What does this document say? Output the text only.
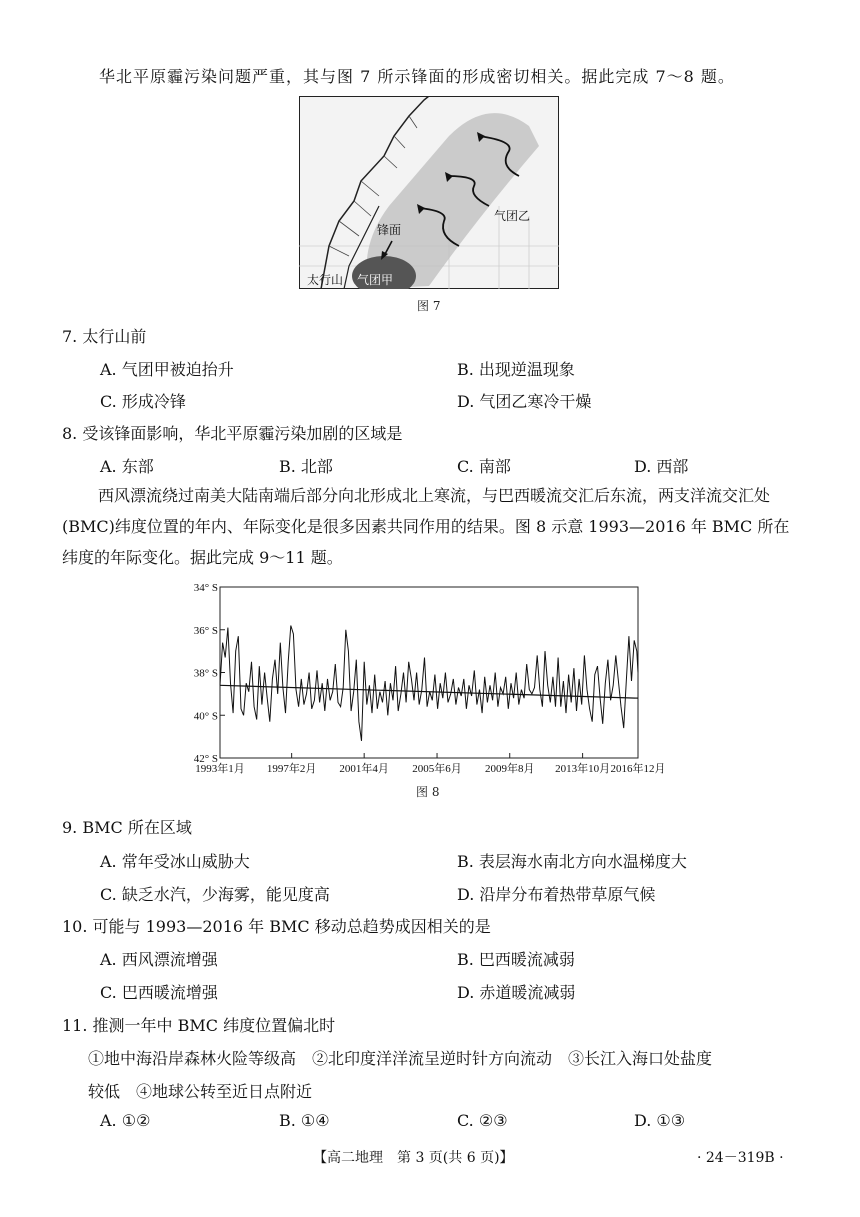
华北平原霾污染问题严重，其与图 7 所示锋面的形成密切相关。据此完成 7～8 题。
锋面
气团乙
太行山 气团甲
图 7
7. 太行山前
A. 气团甲被迫抬升	B. 出现逆温现象
C. 形成冷锋	D. 气团乙寒冷干燥
8. 受该锋面影响，华北平原霾污染加剧的区域是
A. 东部	B. 北部	C. 南部	D. 西部
西风漂流绕过南美大陆南端后部分向北形成北上寒流，与巴西暖流交汇后东流，两支洋流交汇处(BMC)纬度位置的年内、年际变化是很多因素共同作用的结果。图 8 示意 1993—2016 年 BMC 所在纬度的年际变化。据此完成 9～11 题。
34° S
36° S
38° S
40° S
42° S
1993年1月 1997年2月 2001年4月 2005年6月 2009年8月 2013年10月 2016年12月
图 8
9. BMC 所在区域
A. 常年受冰山威胁大	B. 表层海水南北方向水温梯度大
C. 缺乏水汽，少海雾，能见度高	D. 沿岸分布着热带草原气候
10. 可能与 1993—2016 年 BMC 移动总趋势成因相关的是
A. 西风漂流增强	B. 巴西暖流减弱
C. 巴西暖流增强	D. 赤道暖流减弱
11. 推测一年中 BMC 纬度位置偏北时
①地中海沿岸森林火险等级高　②北印度洋洋流呈逆时针方向流动　③长江入海口处盐度
较低　④地球公转至近日点附近
A. ①②	B. ①④	C. ②③	D. ①③
【高二地理　第 3 页(共 6 页)】	· 24－319B ·
